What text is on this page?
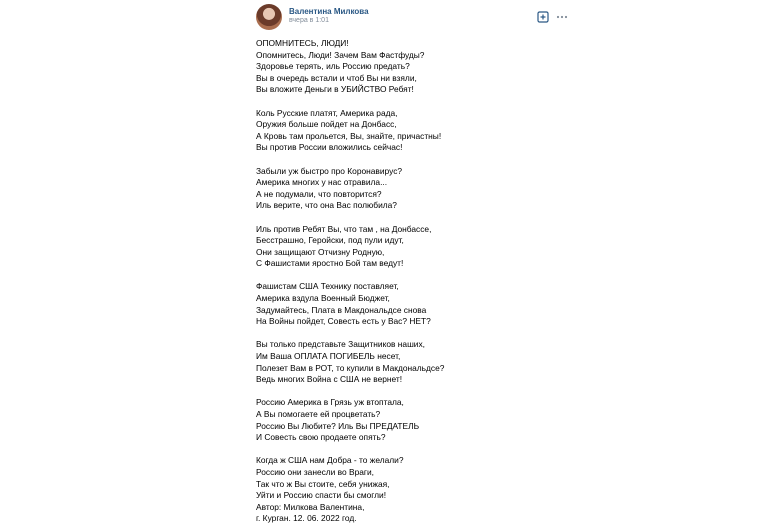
Валентина Милкова
вчера в 1:01
ОПОМНИТЕСЬ, ЛЮДИ!
Опомнитесь, Люди! Зачем Вам Фастфуды?
Здоровье терять, иль Россию предать?
Вы в очередь встали и чтоб Вы ни взяли,
Вы вложите Деньги в УБИЙСТВО Ребят!
Коль Русские платят, Америка рада,
Оружия больше пойдет на Донбасс,
А Кровь там прольется, Вы, знайте, причастны!
Вы против России вложились сейчас!
Забыли уж быстро про Коронавирус?
Америка многих у нас отравила...
А не подумали, что повторится?
Иль верите, что она Вас полюбила?
Иль против Ребят Вы, что там , на Донбассе,
Бесстрашно, Геройски, под пули идут,
Они защищают Отчизну Родную,
С Фашистами яростно Бой там ведут!
Фашистам США Технику поставляет,
Америка вздула Военный Бюджет,
Задумайтесь, Плата в Макдональдсе снова
На Войны пойдет, Совесть есть у Вас? НЕТ?
Вы только представьте Защитников наших,
Им Ваша ОПЛАТА ПОГИБЕЛЬ несет,
Полезет Вам в РОТ, то купили в Макдональдсе?
Ведь многих Война с США не вернет!
Россию Америка в Грязь уж втоптала,
А Вы помогаете ей процветать?
Россию Вы Любите? Иль Вы ПРЕДАТЕЛЬ
И Совесть свою продаете опять?
Когда ж США нам Добра - то желали?
Россию они занесли во Враги,
Так что ж Вы стоите, себя унижая,
Уйти и Россию спасти бы смогли!
Автор: Милкова Валентина,
г. Курган. 12. 06. 2022 год.
